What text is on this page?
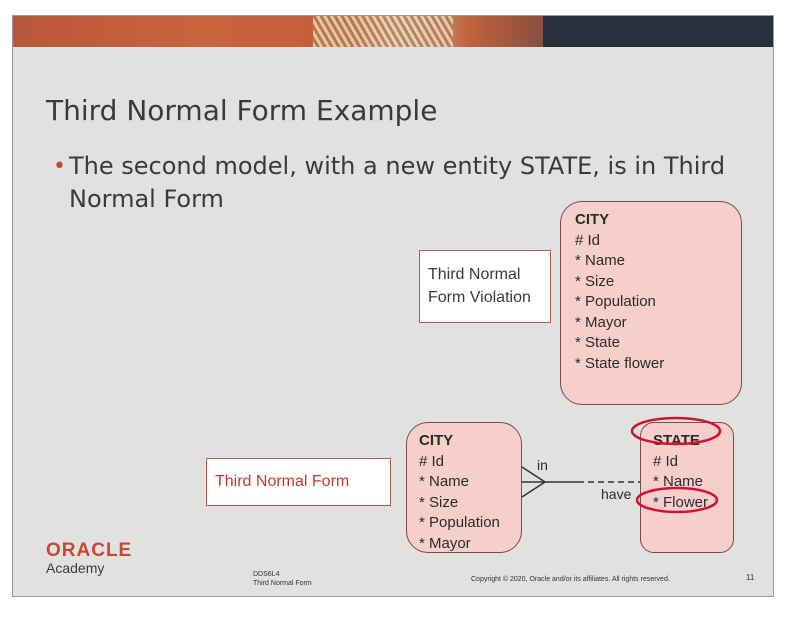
Third Normal Form Example
• The second model, with a new entity STATE, is in Third Normal Form
Third Normal
Form Violation
CITY
# Id
* Name
* Size
* Population
* Mayor
* State
* State flower
Third Normal Form
CITY
# Id
* Name
* Size
* Population
* Mayor
STATE
# Id
* Name
* Flower
in
have
ORACLE
Academy	DDS6L4
Third Normal Form
Copyright © 2020, Oracle and/or its affiliates. All rights reserved.	11
